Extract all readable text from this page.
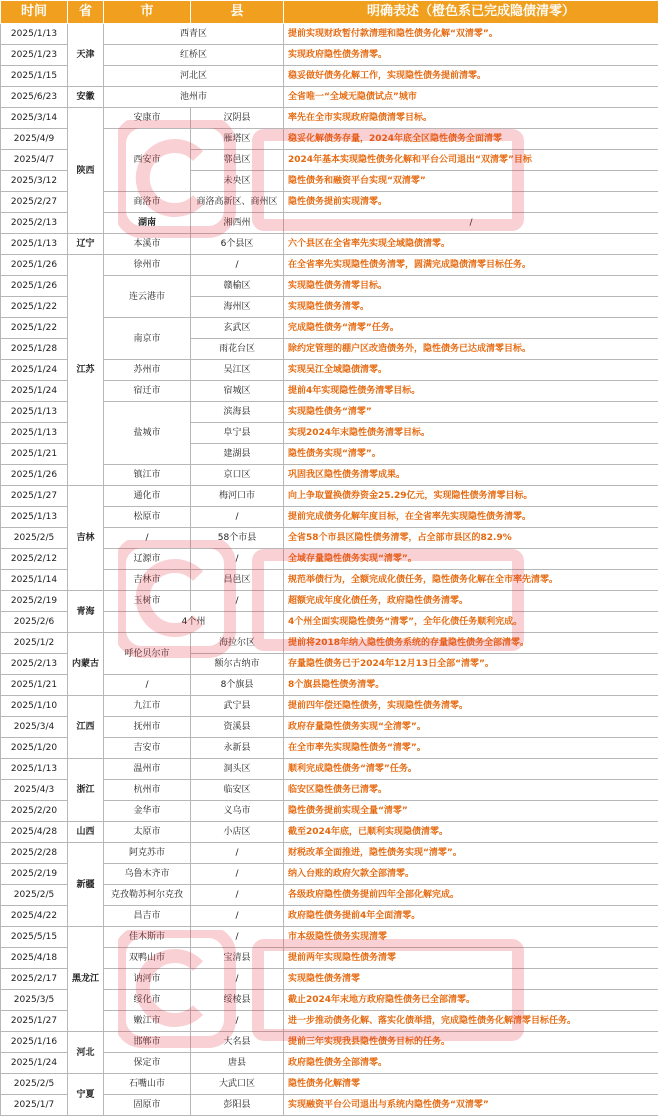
时间	省	市	县	明确表述（橙色系已完成隐债清零）	
2025/1/13	天津	西青区		提前实现财政暂付款清理和隐性债务化解“双清零”。	
2025/1/23		红桥区		实现政府隐性债务清零。	
2025/1/15		河北区		稳妥做好债务化解工作，实现隐性债务提前清零。	
2025/6/23	安徽	池州市		全省唯一“全域无隐债试点”城市	
2025/3/14	陕西	安康市	汉阴县	率先在全市实现政府隐债清零目标。	
2025/4/9		西安市	雁塔区	稳妥化解债务存量，2024年底全区隐性债务全面清零	
2025/4/7			鄠邑区	2024年基本实现隐性债务化解和平台公司退出“双清零”目标	
2025/3/12			未央区	隐性债务和融资平台实现“双清零”	
2025/2/27		商洛市	商洛高新区、商州区	隐性债务提前实现清零。	
2025/2/13		湖南	湘西州	/	
2025/1/13	辽宁	本溪市	6个县区	六个县区在全省率先实现全域隐债清零。	
2025/1/26	江苏	徐州市	/	在全省率先实现隐性债务清零，圆满完成隐债清零目标任务。	
2025/1/26		连云港市	赣榆区	实现隐性债务清零目标。	
2025/1/22			海州区	实现隐性债务清零。	
2025/1/22		南京市	玄武区	完成隐性债务“清零”任务。	
2025/1/28			雨花台区	除约定管理的棚户区改造债务外，隐性债务已达成清零目标。	
2025/1/24		苏州市	吴江区	实现吴江全域隐债清零。	
2025/1/24		宿迁市	宿城区	提前4年实现隐性债务清零目标。	
2025/1/13		盐城市	滨海县	实现隐性债务“清零”	
2025/1/13			阜宁县	实现2024年末隐性债务清零目标。	
2025/1/21			建湖县	隐性债务实现“清零”。	
2025/1/26		镇江市	京口区	巩固我区隐性债务清零成果。	
2025/1/27	吉林	通化市	梅河口市	向上争取置换债券资金25.29亿元，实现隐性债务清零目标。	
2025/1/13		松原市	/	提前完成债务化解年度目标，在全省率先实现隐性债务清零。	
2025/2/5		/	58个市县	全省58个市县区隐性债务清零，占全部市县区的82.9%	
2025/2/12		辽源市	/	全域存量隐性债务实现“清零”。	
2025/1/14		吉林市	昌邑区	规范举债行为，全额完成化债任务，隐性债务化解在全市率先清零。	
2025/2/19	青海	玉树市	/	超额完成年度化债任务，政府隐性债务清零。	
2025/2/6		4个州		4个州全面实现隐性债务“清零”，全年化债任务顺利完成。	
2025/1/2	内蒙古	呼伦贝尔市	海拉尔区	提前将2018年纳入隐性债务系统的存量隐性债务全部清零。	
2025/2/13			额尔古纳市	存量隐性债务已于2024年12月13日全部“清零”。	
2025/1/21		/	8个旗县	8个旗县隐性债务清零。	
2025/1/10	江西	九江市	武宁县	提前四年偿还隐性债务，实现隐性债务清零。	
2025/3/4		抚州市	资溪县	政府存量隐性债务实现“全清零”。	
2025/1/20		吉安市	永新县	在全市率先实现隐性债务“清零”。	
2025/1/13	浙江	温州市	洞头区	顺利完成隐性债务“清零”任务。	
2025/4/3		杭州市	临安区	临安区隐性债务已清零。	
2025/2/20		金华市	义乌市	隐性债务提前实现全量“清零”	
2025/4/28	山西	太原市	小店区	截至2024年底，已顺利实现隐债清零。	
2025/2/28	新疆	阿克苏市	/	财税改革全面推进，隐性债务实现“清零”。	
2025/2/19		乌鲁木齐市	/	纳入台账的政府欠款全部清零。	
2025/2/5		克孜勒苏柯尔克孜	/	各级政府隐性债务提前四年全部化解完成。	
2025/4/22		昌吉市	/	政府隐性债务提前4年全面清零。	
2025/5/15	黑龙江	佳木斯市	/	市本级隐性债务实现清零	
2025/4/18		双鸭山市	宝清县	提前两年实现隐性债务清零	
2025/2/17		讷河市	/	实现隐性债务清零	
2025/3/5		绥化市	绥棱县	截止2024年末地方政府隐性债务已全部清零。	
2025/1/27		嫩江市	/	进一步推动债务化解、落实化债举措，完成隐性债务化解清零目标任务。	
2025/1/16	河北	邯郸市	大名县	提前三年实现我县隐性债务目标的任务。	
2025/1/24		保定市	唐县	政府隐性债务全部清零。	
2025/2/5	宁夏	石嘴山市	大武口区	隐性债务化解清零	
2025/1/7		固原市	彭阳县	实现融资平台公司退出与系统内隐性债务“双清零”	
